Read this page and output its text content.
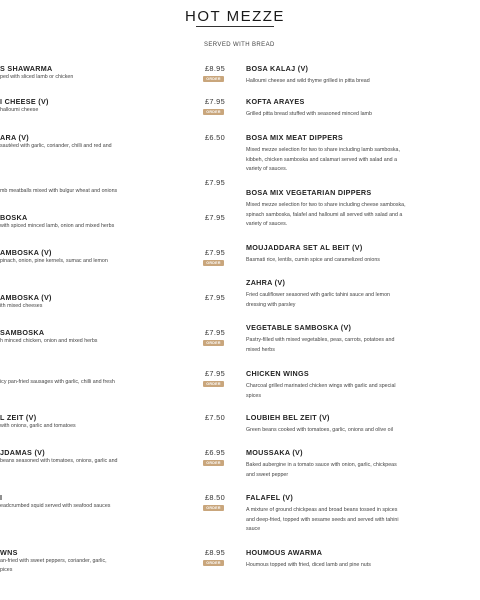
HOT MEZZE
SERVED WITH BREAD
S SHAWARMA
ped with sliced lamb or chicken
£8.95
ORDER
I CHEESE (V)
halloumi cheese
£7.95
ORDER
ARA (V)
sautéed with garlic, coriander, chilli and red and
£6.50
mb meatballs mixed with bulgur wheat and onions
£7.95
BOSKA
with spiced minced lamb, onion and mixed herbs
£7.95
AMBOSKA (V)
pinach, onion, pine kernels, sumac and lemon
£7.95
ORDER
AMBOSKA (V)
ith mixed cheeses
£7.95
SAMBOSKA
h minced chicken, onion and mixed herbs
£7.95
ORDER
icy pan-fried sausages with garlic, chilli and fresh
£7.95
ORDER
L ZEIT (V)
with onions, garlic and tomatoes
£7.50
JDAMAS (V)
beans seasoned with tomatoes, onions, garlic and
£6.95
ORDER
I
eadcrumbed squid served with seafood sauces
£8.50
ORDER
WNS
an-fried with sweet peppers, coriander, garlic,
pices
£8.95
ORDER
BOSA KALAJ (V)
Halloumi cheese and wild thyme grilled in pitta bread
KOFTA ARAYES
Grilled pitta bread stuffed with seasoned minced lamb
BOSA MIX MEAT DIPPERS
Mixed mezze selection for two to share including lamb samboska, kibbeh, chicken samboska and calamari served with salad and a variety of sauces.
BOSA MIX VEGETARIAN DIPPERS
Mixed mezze selection for two to share including cheese samboska, spinach samboska, falafel and halloumi all served with salad and a variety of sauces.
MOUJADDARA SET AL BEIT (V)
Basmati rice, lentils, cumin spice and caramelized onions
ZAHRA (V)
Fried cauliflower seasoned with garlic tahini sauce and lemon dressing with parsley
VEGETABLE SAMBOSKA (V)
Pastry-filled with mixed vegetables, peas, carrots, potatoes and mixed herbs
CHICKEN WINGS
Charcoal grilled marinated chicken wings with garlic and special spices
LOUBIEH BEL ZEIT (V)
Green beans cooked with tomatoes, garlic, onions and olive oil
MOUSSAKA (V)
Baked aubergine in a tomato sauce with onion, garlic, chickpeas and sweet pepper
FALAFEL (V)
A mixture of ground chickpeas and broad beans tossed in spices and deep-fried, topped with sesame seeds and served with tahini sauce
HOUMOUS AWARMA
Houmous topped with fried, diced lamb and pine nuts
